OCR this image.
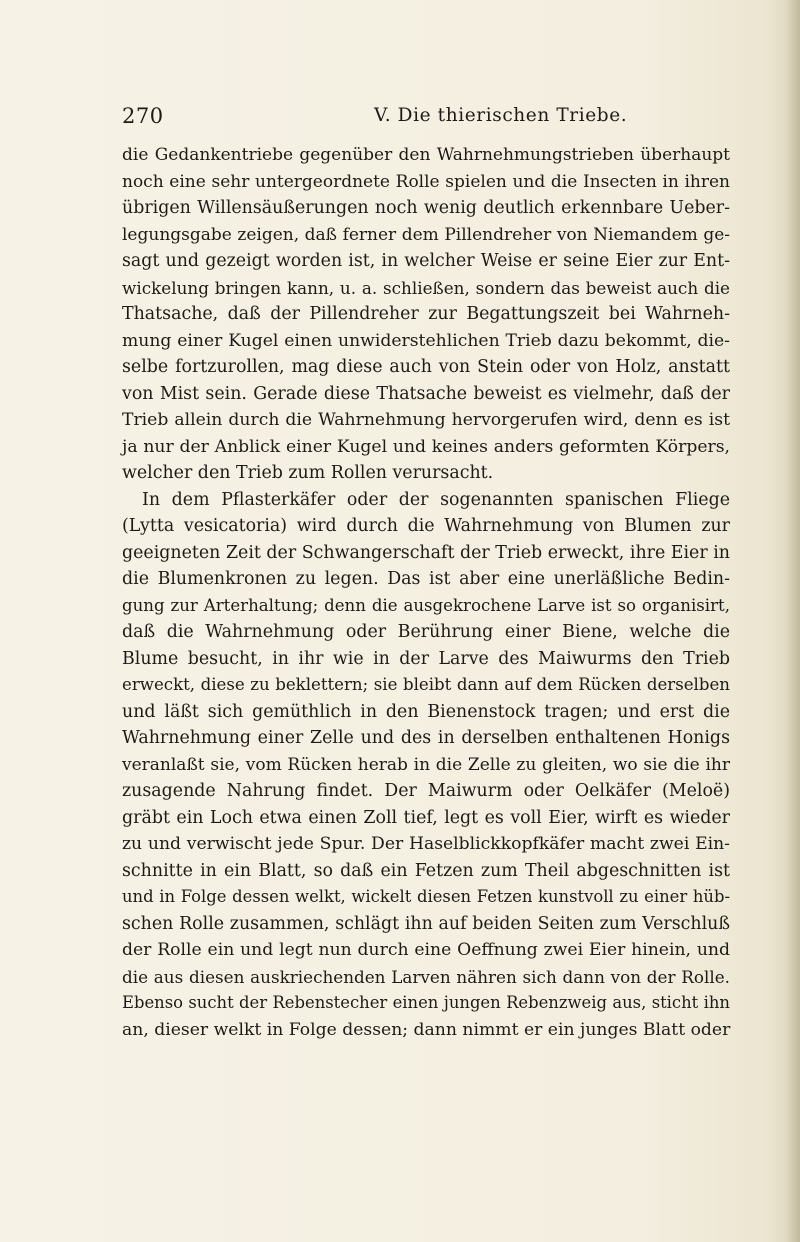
270	V. Die thierischen Triebe.
die Gedankentriebe gegenüber den Wahrnehmungstrieben überhaupt
noch eine sehr untergeordnete Rolle spielen und die Insecten in ihren
übrigen Willensäußerungen noch wenig deutlich erkennbare Ueber-
legungsgabe zeigen, daß ferner dem Pillendreher von Niemandem ge-
sagt und gezeigt worden ist, in welcher Weise er seine Eier zur Ent-
wickelung bringen kann, u. a. schließen, sondern das beweist auch die
Thatsache, daß der Pillendreher zur Begattungszeit bei Wahrneh-
mung einer Kugel einen unwiderstehlichen Trieb dazu bekommt, die-
selbe fortzurollen, mag diese auch von Stein oder von Holz, anstatt
von Mist sein. Gerade diese Thatsache beweist es vielmehr, daß der
Trieb allein durch die Wahrnehmung hervorgerufen wird, denn es ist
ja nur der Anblick einer Kugel und keines anders geformten Körpers,
welcher den Trieb zum Rollen verursacht.
In dem Pflasterkäfer oder der sogenannten spanischen Fliege
(Lytta vesicatoria) wird durch die Wahrnehmung von Blumen zur
geeigneten Zeit der Schwangerschaft der Trieb erweckt, ihre Eier in
die Blumenkronen zu legen. Das ist aber eine unerläßliche Bedin-
gung zur Arterhaltung; denn die ausgekrochene Larve ist so organisirt,
daß die Wahrnehmung oder Berührung einer Biene, welche die
Blume besucht, in ihr wie in der Larve des Maiwurms den Trieb
erweckt, diese zu beklettern; sie bleibt dann auf dem Rücken derselben
und läßt sich gemüthlich in den Bienenstock tragen; und erst die
Wahrnehmung einer Zelle und des in derselben enthaltenen Honigs
veranlaßt sie, vom Rücken herab in die Zelle zu gleiten, wo sie die ihr
zusagende Nahrung findet. Der Maiwurm oder Oelkäfer (Meloë)
gräbt ein Loch etwa einen Zoll tief, legt es voll Eier, wirft es wieder
zu und verwischt jede Spur. Der Haselblickkopfkäfer macht zwei Ein-
schnitte in ein Blatt, so daß ein Fetzen zum Theil abgeschnitten ist
und in Folge dessen welkt, wickelt diesen Fetzen kunstvoll zu einer hüb-
schen Rolle zusammen, schlägt ihn auf beiden Seiten zum Verschluß
der Rolle ein und legt nun durch eine Oeffnung zwei Eier hinein, und
die aus diesen auskriechenden Larven nähren sich dann von der Rolle.
Ebenso sucht der Rebenstecher einen jungen Rebenzweig aus, sticht ihn
an, dieser welkt in Folge dessen; dann nimmt er ein junges Blatt oder
